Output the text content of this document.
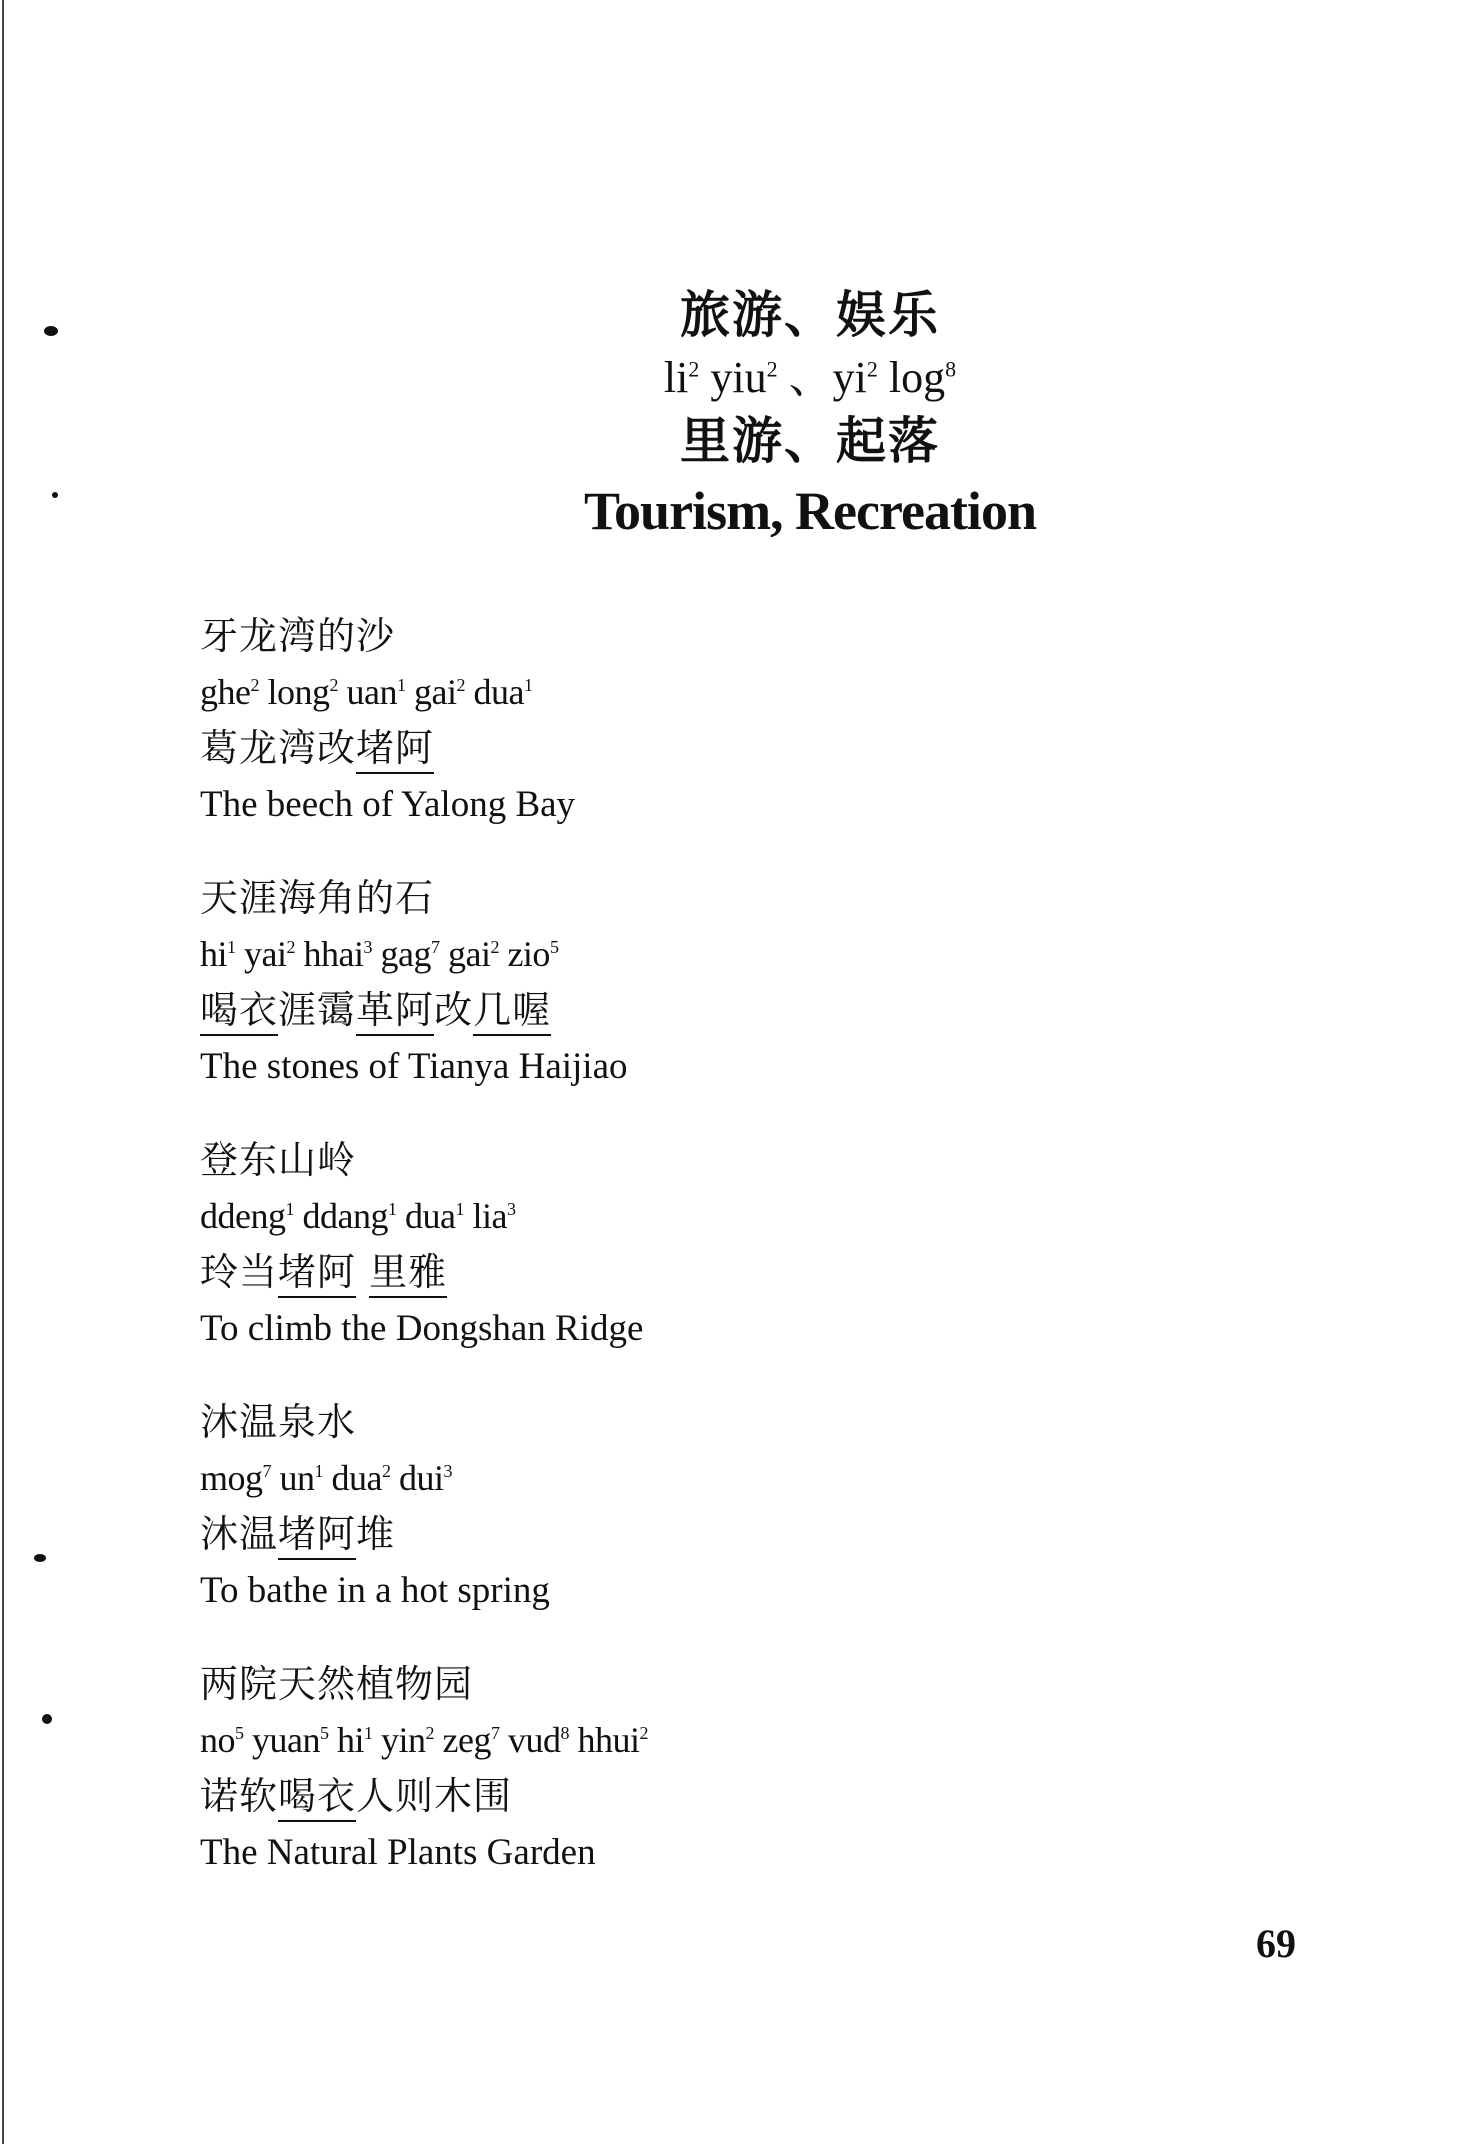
旅游、娱乐
$li^2$ yiu$^2$ 、$yi^2$ $\log^8$
里游、起落
Tourism, Recreation
牙龙湾的沙
ghe$^2$ long$^2$ uan$^1$ gai$^2$ dua$^1$
葛龙湾改堵阿
The beech of Yalong Bay
天涯海角的石
$hi^1$ yai$^2$ hhai$^3$ gag$^7$ gai$^2$ zio$^5$
喝衣涯霭革阿改几喔
The stones of Tianya Haijiao
登东山岭
ddeng$^1$ ddang$^1$ dua$^1$ lia$^3$
玲当堵阿 里雅
To climb the Dongshan Ridge
沐温泉水
mog$^7$ $un^1$ dua$^2$ dui$^3$
沐温堵阿堆
To bathe in a hot spring
两院天然植物园
$no^5$ yuan$^5$ $hi^1$ yin$^2$ zeg$^7$ vud$^8$ hhui$^2$
诺软喝衣人则木围
The Natural Plants Garden
69
